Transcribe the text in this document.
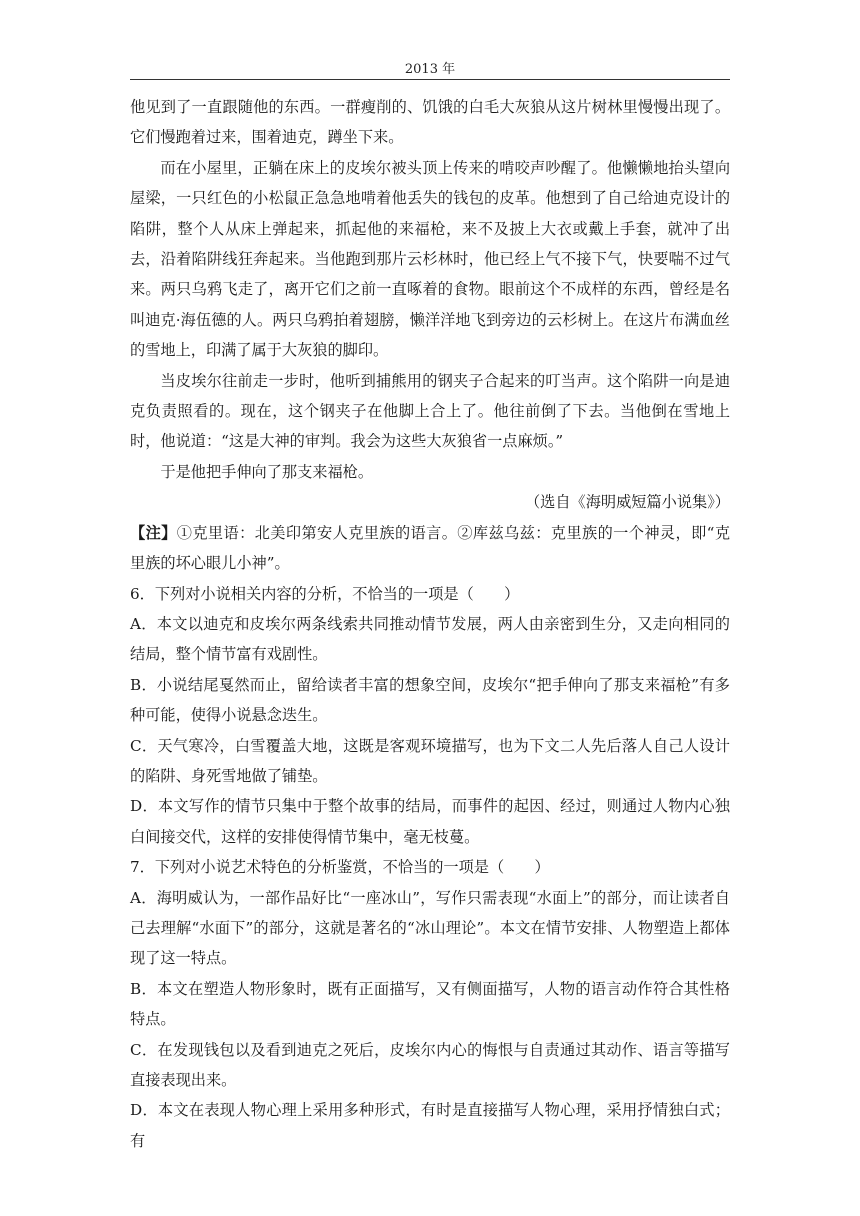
2013 年

他见到了一直跟随他的东西。一群瘦削的、饥饿的白毛大灰狼从这片树林里慢慢出现了。它们慢跑着过来，围着迪克，蹲坐下来。

而在小屋里，正躺在床上的皮埃尔被头顶上传来的啃咬声吵醒了。他懒懒地抬头望向屋梁，一只红色的小松鼠正急急地啃着他丢失的钱包的皮革。他想到了自己给迪克设计的陷阱，整个人从床上弹起来，抓起他的来福枪，来不及披上大衣或戴上手套，就冲了出去，沿着陷阱线狂奔起来。当他跑到那片云杉林时，他已经上气不接下气，快要喘不过气来。两只乌鸦飞走了，离开它们之前一直啄着的食物。眼前这个不成样的东西，曾经是名叫迪克·海伍德的人。两只乌鸦拍着翅膀，懒洋洋地飞到旁边的云杉树上。在这片布满血丝的雪地上，印满了属于大灰狼的脚印。

当皮埃尔往前走一步时，他听到捕熊用的钢夹子合起来的叮当声。这个陷阱一向是迪克负责照看的。现在，这个钢夹子在他脚上合上了。他往前倒了下去。当他倒在雪地上时，他说道：“这是大神的审判。我会为这些大灰狼省一点麻烦。”

于是他把手伸向了那支来福枪。

（选自《海明威短篇小说集》）

【注】①克里语：北美印第安人克里族的语言。②库兹乌兹：克里族的一个神灵，即“克里族的坏心眼儿小神”。

6．下列对小说相关内容的分析，不恰当的一项是（　　）

A．本文以迪克和皮埃尔两条线索共同推动情节发展，两人由亲密到生分，又走向相同的结局，整个情节富有戏剧性。

B．小说结尾戛然而止，留给读者丰富的想象空间，皮埃尔“把手伸向了那支来福枪”有多种可能，使得小说悬念迭生。

C．天气寒冷，白雪覆盖大地，这既是客观环境描写，也为下文二人先后落人自己人设计的陷阱、身死雪地做了铺垫。

D．本文写作的情节只集中于整个故事的结局，而事件的起因、经过，则通过人物内心独白间接交代，这样的安排使得情节集中，毫无枝蔓。

7．下列对小说艺术特色的分析鉴赏，不恰当的一项是（　　）

A．海明威认为，一部作品好比“一座冰山”，写作只需表现“水面上”的部分，而让读者自己去理解“水面下”的部分，这就是著名的“冰山理论”。本文在情节安排、人物塑造上都体现了这一特点。

B．本文在塑造人物形象时，既有正面描写，又有侧面描写，人物的语言动作符合其性格特点。

C．在发现钱包以及看到迪克之死后，皮埃尔内心的悔恨与自责通过其动作、语言等描写直接表现出来。

D．本文在表现人物心理上采用多种形式，有时是直接描写人物心理，采用抒情独白式；有
